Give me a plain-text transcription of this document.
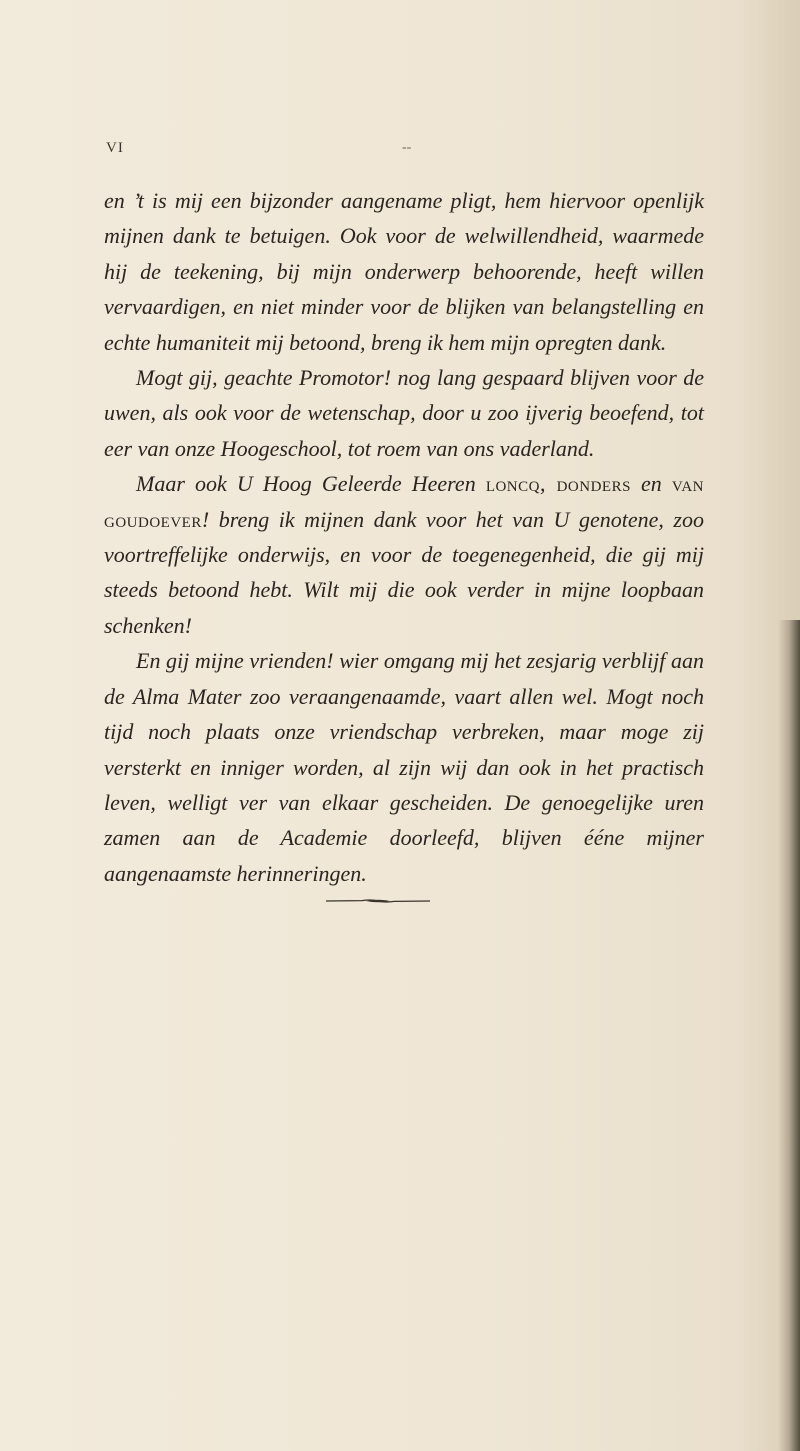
VI	--

en ’t is mij een bijzonder aangename pligt, hem hiervoor openlijk mijnen dank te betuigen. Ook voor de welwillendheid, waarmede hij de teekening, bij mijn onderwerp behoorende, heeft willen vervaardigen, en niet minder voor de blijken van belangstelling en echte humaniteit mij betoond, breng ik hem mijn opregten dank.

Mogt gij, geachte Promotor! nog lang gespaard blijven voor de uwen, als ook voor de wetenschap, door u zoo ijverig beoefend, tot eer van onze Hoogeschool, tot roem van ons vaderland.

Maar ook U Hoog Geleerde Heeren loncq, donders en van goudoever! breng ik mijnen dank voor het van U genotene, zoo voortreffelijke onderwijs, en voor de toegenegenheid, die gij mij steeds betoond hebt. Wilt mij die ook verder in mijne loopbaan schenken!

En gij mijne vrienden! wier omgang mij het zesjarig verblijf aan de Alma Mater zoo veraangenaamde, vaart allen wel. Mogt noch tijd noch plaats onze vriendschap verbreken, maar moge zij versterkt en inniger worden, al zijn wij dan ook in het practisch leven, welligt ver van elkaar gescheiden. De genoegelijke uren zamen aan de Academie doorleefd, blijven ééne mijner aangenaamste herinneringen.
